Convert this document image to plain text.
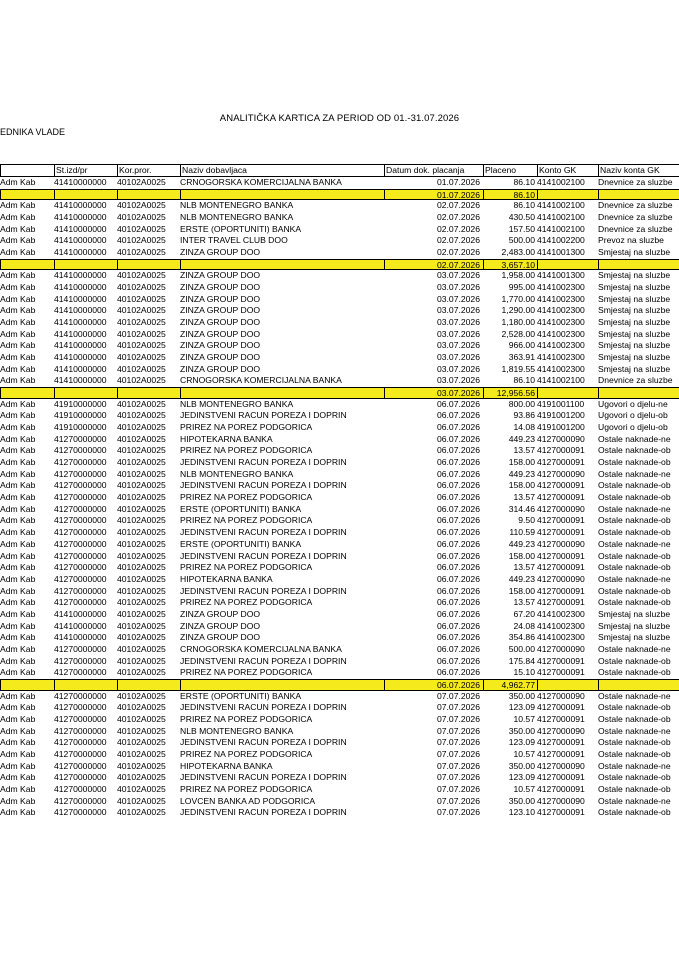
ANALITIČKA KARTICA ZA PERIOD OD 01.-31.07.2026
EDNIKA VLADE
St.izd/pr	Kor.pror.	Naziv dobavljaca	Datum dok. placanja	Placeno	Konto GK	Naziv konta GK
Adm Kab	41410000000	40102A0025	CRNOGORSKA KOMERCIJALNA BANKA	01.07.2026	86.10 4141002100	Dnevnice za sluzbe
01.07.2026	86.10
Adm Kab	41410000000	40102A0025	NLB MONTENEGRO BANKA	02.07.2026	86.10 4141002100	Dnevnice za sluzbe
Adm Kab	41410000000	40102A0025	NLB MONTENEGRO BANKA	02.07.2026	430.50 4141002100	Dnevnice za sluzbe
Adm Kab	41410000000	40102A0025	ERSTE (OPORTUNITI) BANKA	02.07.2026	157.50 4141002100	Dnevnice za sluzbe
Adm Kab	41410000000	40102A0025	INTER TRAVEL CLUB DOO	02.07.2026	500.00 4141002200	Prevoz na sluzbe
Adm Kab	41410000000	40102A0025	ZINZA GROUP DOO	02.07.2026	2,483.00 4141001300	Smjestaj na sluzbe
02.07.2026	3,657.10
Adm Kab	41410000000	40102A0025	ZINZA GROUP DOO	03.07.2026	1,958.00 4141001300	Smjestaj na sluzbe
Adm Kab	41410000000	40102A0025	ZINZA GROUP DOO	03.07.2026	995.00 4141002300	Smjestaj na sluzbe
Adm Kab	41410000000	40102A0025	ZINZA GROUP DOO	03.07.2026	1,770.00 4141002300	Smjestaj na sluzbe
Adm Kab	41410000000	40102A0025	ZINZA GROUP DOO	03.07.2026	1,290.00 4141002300	Smjestaj na sluzbe
Adm Kab	41410000000	40102A0025	ZINZA GROUP DOO	03.07.2026	1,180.00 4141002300	Smjestaj na sluzbe
Adm Kab	41410000000	40102A0025	ZINZA GROUP DOO	03.07.2026	2,528.00 4141002300	Smjestaj na sluzbe
Adm Kab	41410000000	40102A0025	ZINZA GROUP DOO	03.07.2026	966.00 4141002300	Smjestaj na sluzbe
Adm Kab	41410000000	40102A0025	ZINZA GROUP DOO	03.07.2026	363.91 4141002300	Smjestaj na sluzbe
Adm Kab	41410000000	40102A0025	ZINZA GROUP DOO	03.07.2026	1,819.55 4141002300	Smjestaj na sluzbe
Adm Kab	41410000000	40102A0025	CRNOGORSKA KOMERCIJALNA BANKA	03.07.2026	86.10 4141002100	Dnevnice za sluzbe
03.07.2026	12,956.56
Adm Kab	41910000000	40102A0025	NLB MONTENEGRO BANKA	06.07.2026	800.00 4191001100	Ugovori o djelu-ne
Adm Kab	41910000000	40102A0025	JEDINSTVENI RACUN POREZA I DOPRIN	06.07.2026	93.86 4191001200	Ugovori o djelu-ob
Adm Kab	41910000000	40102A0025	PRIREZ NA POREZ PODGORICA	06.07.2026	14.08 4191001200	Ugovori o djelu-ob
Adm Kab	41270000000	40102A0025	HIPOTEKARNA BANKA	06.07.2026	449.23 4127000090	Ostale naknade-ne
Adm Kab	41270000000	40102A0025	PRIREZ NA POREZ PODGORICA	06.07.2026	13.57 4127000091	Ostale naknade-ob
Adm Kab	41270000000	40102A0025	JEDINSTVENI RACUN POREZA I DOPRIN	06.07.2026	158.00 4127000091	Ostale naknade-ob
Adm Kab	41270000000	40102A0025	NLB MONTENEGRO BANKA	06.07.2026	449.23 4127000090	Ostale naknade-ne
Adm Kab	41270000000	40102A0025	JEDINSTVENI RACUN POREZA I DOPRIN	06.07.2026	158.00 4127000091	Ostale naknade-ob
Adm Kab	41270000000	40102A0025	PRIREZ NA POREZ PODGORICA	06.07.2026	13.57 4127000091	Ostale naknade-ob
Adm Kab	41270000000	40102A0025	ERSTE (OPORTUNITI) BANKA	06.07.2026	314.46 4127000090	Ostale naknade-ne
Adm Kab	41270000000	40102A0025	PRIREZ NA POREZ PODGORICA	06.07.2026	9.50 4127000091	Ostale naknade-ob
Adm Kab	41270000000	40102A0025	JEDINSTVENI RACUN POREZA I DOPRIN	06.07.2026	110.59 4127000091	Ostale naknade-ob
Adm Kab	41270000000	40102A0025	ERSTE (OPORTUNITI) BANKA	06.07.2026	449.23 4127000090	Ostale naknade-ne
Adm Kab	41270000000	40102A0025	JEDINSTVENI RACUN POREZA I DOPRIN	06.07.2026	158.00 4127000091	Ostale naknade-ob
Adm Kab	41270000000	40102A0025	PRIREZ NA POREZ PODGORICA	06.07.2026	13.57 4127000091	Ostale naknade-ob
Adm Kab	41270000000	40102A0025	HIPOTEKARNA BANKA	06.07.2026	449.23 4127000090	Ostale naknade-ne
Adm Kab	41270000000	40102A0025	JEDINSTVENI RACUN POREZA I DOPRIN	06.07.2026	158.00 4127000091	Ostale naknade-ob
Adm Kab	41270000000	40102A0025	PRIREZ NA POREZ PODGORICA	06.07.2026	13.57 4127000091	Ostale naknade-ob
Adm Kab	41410000000	40102A0025	ZINZA GROUP DOO	06.07.2026	67.20 4141002300	Smjestaj na sluzbe
Adm Kab	41410000000	40102A0025	ZINZA GROUP DOO	06.07.2026	24.08 4141002300	Smjestaj na sluzbe
Adm Kab	41410000000	40102A0025	ZINZA GROUP DOO	06.07.2026	354.86 4141002300	Smjestaj na sluzbe
Adm Kab	41270000000	40102A0025	CRNOGORSKA KOMERCIJALNA BANKA	06.07.2026	500.00 4127000090	Ostale naknade-ne
Adm Kab	41270000000	40102A0025	JEDINSTVENI RACUN POREZA I DOPRIN	06.07.2026	175.84 4127000091	Ostale naknade-ob
Adm Kab	41270000000	40102A0025	PRIREZ NA POREZ PODGORICA	06.07.2026	15.10 4127000091	Ostale naknade-ob
06.07.2026	4,962.77
Adm Kab	41270000000	40102A0025	ERSTE (OPORTUNITI) BANKA	07.07.2026	350.00 4127000090	Ostale naknade-ne
Adm Kab	41270000000	40102A0025	JEDINSTVENI RACUN POREZA I DOPRIN	07.07.2026	123.09 4127000091	Ostale naknade-ob
Adm Kab	41270000000	40102A0025	PRIREZ NA POREZ PODGORICA	07.07.2026	10.57 4127000091	Ostale naknade-ob
Adm Kab	41270000000	40102A0025	NLB MONTENEGRO BANKA	07.07.2026	350.00 4127000090	Ostale naknade-ne
Adm Kab	41270000000	40102A0025	JEDINSTVENI RACUN POREZA I DOPRIN	07.07.2026	123.09 4127000091	Ostale naknade-ob
Adm Kab	41270000000	40102A0025	PRIREZ NA POREZ PODGORICA	07.07.2026	10.57 4127000091	Ostale naknade-ob
Adm Kab	41270000000	40102A0025	HIPOTEKARNA BANKA	07.07.2026	350.00 4127000090	Ostale naknade-ne
Adm Kab	41270000000	40102A0025	JEDINSTVENI RACUN POREZA I DOPRIN	07.07.2026	123.09 4127000091	Ostale naknade-ob
Adm Kab	41270000000	40102A0025	PRIREZ NA POREZ PODGORICA	07.07.2026	10.57 4127000091	Ostale naknade-ob
Adm Kab	41270000000	40102A0025	LOVCEN BANKA AD PODGORICA	07.07.2026	350.00 4127000090	Ostale naknade-ne
Adm Kab	41270000000	40102A0025	JEDINSTVENI RACUN POREZA I DOPRIN	07.07.2026	123.10 4127000091	Ostale naknade-ob
